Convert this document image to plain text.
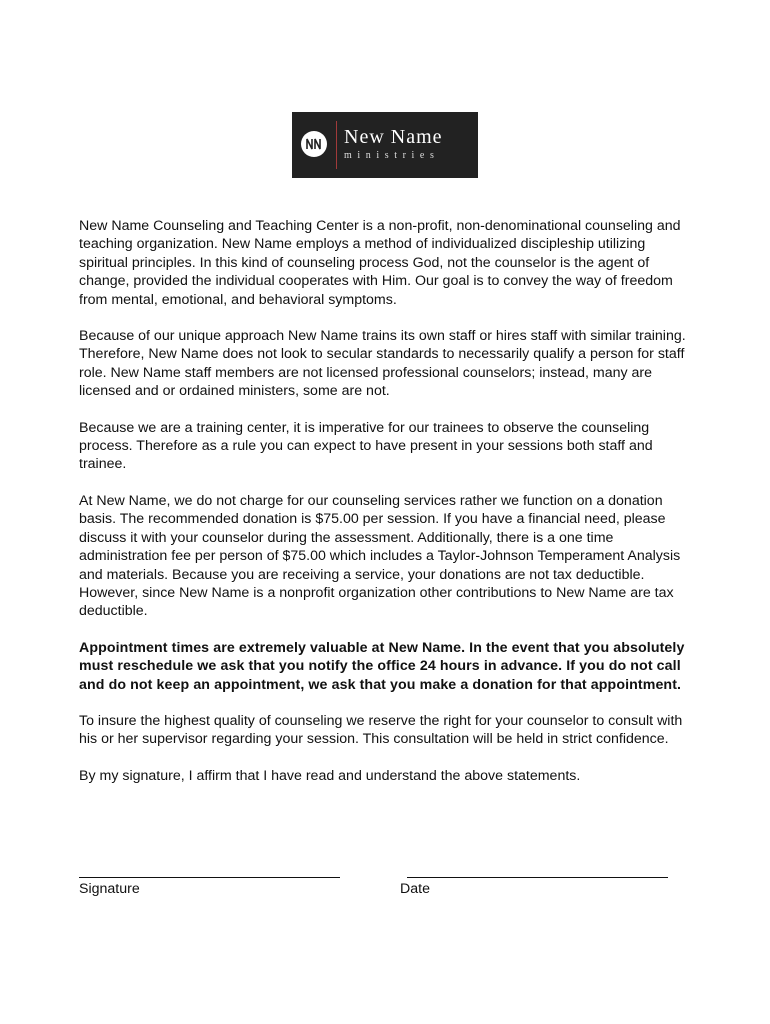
New Name
ministries

New Name Counseling and Teaching Center is a non-profit, non-denominational counseling and teaching organization. New Name employs a method of individualized discipleship utilizing spiritual principles. In this kind of counseling process God, not the counselor is the agent of change, provided the individual cooperates with Him. Our goal is to convey the way of freedom from mental, emotional, and behavioral symptoms.

Because of our unique approach New Name trains its own staff or hires staff with similar training. Therefore, New Name does not look to secular standards to necessarily qualify a person for staff role. New Name staff members are not licensed professional counselors; instead, many are licensed and or ordained ministers, some are not.

Because we are a training center, it is imperative for our trainees to observe the counseling process. Therefore as a rule you can expect to have present in your sessions both staff and trainee.

At New Name, we do not charge for our counseling services rather we function on a donation basis. The recommended donation is $75.00 per session. If you have a financial need, please discuss it with your counselor during the assessment. Additionally, there is a one time administration fee per person of $75.00 which includes a Taylor-Johnson Temperament Analysis and materials. Because you are receiving a service, your donations are not tax deductible. However, since New Name is a nonprofit organization other contributions to New Name are tax deductible.

Appointment times are extremely valuable at New Name. In the event that you absolutely must reschedule we ask that you notify the office 24 hours in advance. If you do not call and do not keep an appointment, we ask that you make a donation for that appointment.

To insure the highest quality of counseling we reserve the right for your counselor to consult with his or her supervisor regarding your session. This consultation will be held in strict confidence.

By my signature, I affirm that I have read and understand the above statements.

Signature	Date
